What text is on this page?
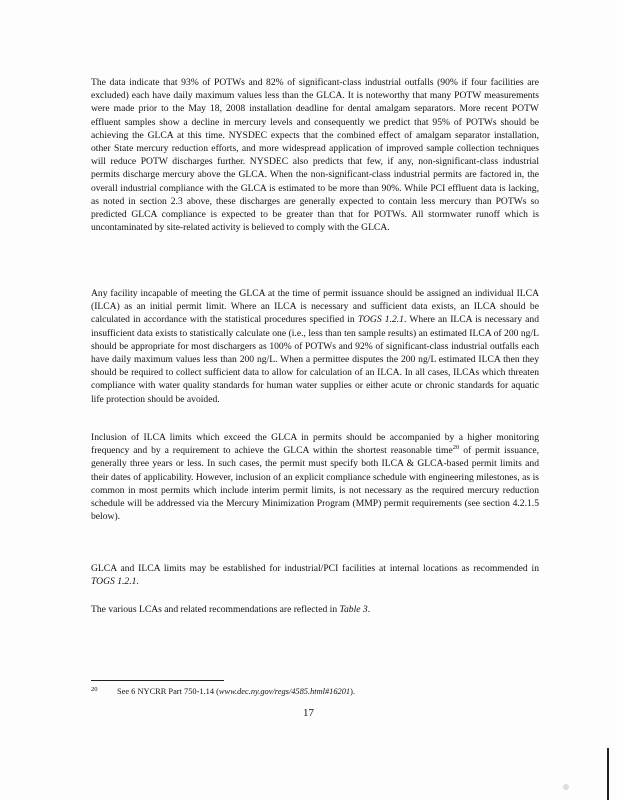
The data indicate that 93% of POTWs and 82% of significant-class industrial outfalls (90% if four facilities are excluded) each have daily maximum values less than the GLCA. It is noteworthy that many POTW measurements were made prior to the May 18, 2008 installation deadline for dental amalgam separators. More recent POTW effluent samples show a decline in mercury levels and consequently we predict that 95% of POTWs should be achieving the GLCA at this time. NYSDEC expects that the combined effect of amalgam separator installation, other State mercury reduction efforts, and more widespread application of improved sample collection techniques will reduce POTW discharges further. NYSDEC also predicts that few, if any, non-significant-class industrial permits discharge mercury above the GLCA. When the non-significant-class industrial permits are factored in, the overall industrial compliance with the GLCA is estimated to be more than 90%. While PCI effluent data is lacking, as noted in section 2.3 above, these discharges are generally expected to contain less mercury than POTWs so predicted GLCA compliance is expected to be greater than that for POTWs. All stormwater runoff which is uncontaminated by site-related activity is believed to comply with the GLCA.

Any facility incapable of meeting the GLCA at the time of permit issuance should be assigned an individual ILCA (ILCA) as an initial permit limit. Where an ILCA is necessary and sufficient data exists, an ILCA should be calculated in accordance with the statistical procedures specified in TOGS 1.2.1. Where an ILCA is necessary and insufficient data exists to statistically calculate one (i.e., less than ten sample results) an estimated ILCA of 200 ng/L should be appropriate for most dischargers as 100% of POTWs and 92% of significant-class industrial outfalls each have daily maximum values less than 200 ng/L. When a permittee disputes the 200 ng/L estimated ILCA then they should be required to collect sufficient data to allow for calculation of an ILCA. In all cases, ILCAs which threaten compliance with water quality standards for human water supplies or either acute or chronic standards for aquatic life protection should be avoided.

Inclusion of ILCA limits which exceed the GLCA in permits should be accompanied by a higher monitoring frequency and by a requirement to achieve the GLCA within the shortest reasonable time$^{20}$ of permit issuance, generally three years or less. In such cases, the permit must specify both ILCA & GLCA-based permit limits and their dates of applicability. However, inclusion of an explicit compliance schedule with engineering milestones, as is common in most permits which include interim permit limits, is not necessary as the required mercury reduction schedule will be addressed via the Mercury Minimization Program (MMP) permit requirements (see section 4.2.1.5 below).

GLCA and ILCA limits may be established for industrial/PCI facilities at internal locations as recommended in TOGS 1.2.1.

The various LCAs and related recommendations are reflected in Table 3.

20 See 6 NYCRR Part 750-1.14 (www.dec.ny.gov/regs/4585.html#16201).

17
